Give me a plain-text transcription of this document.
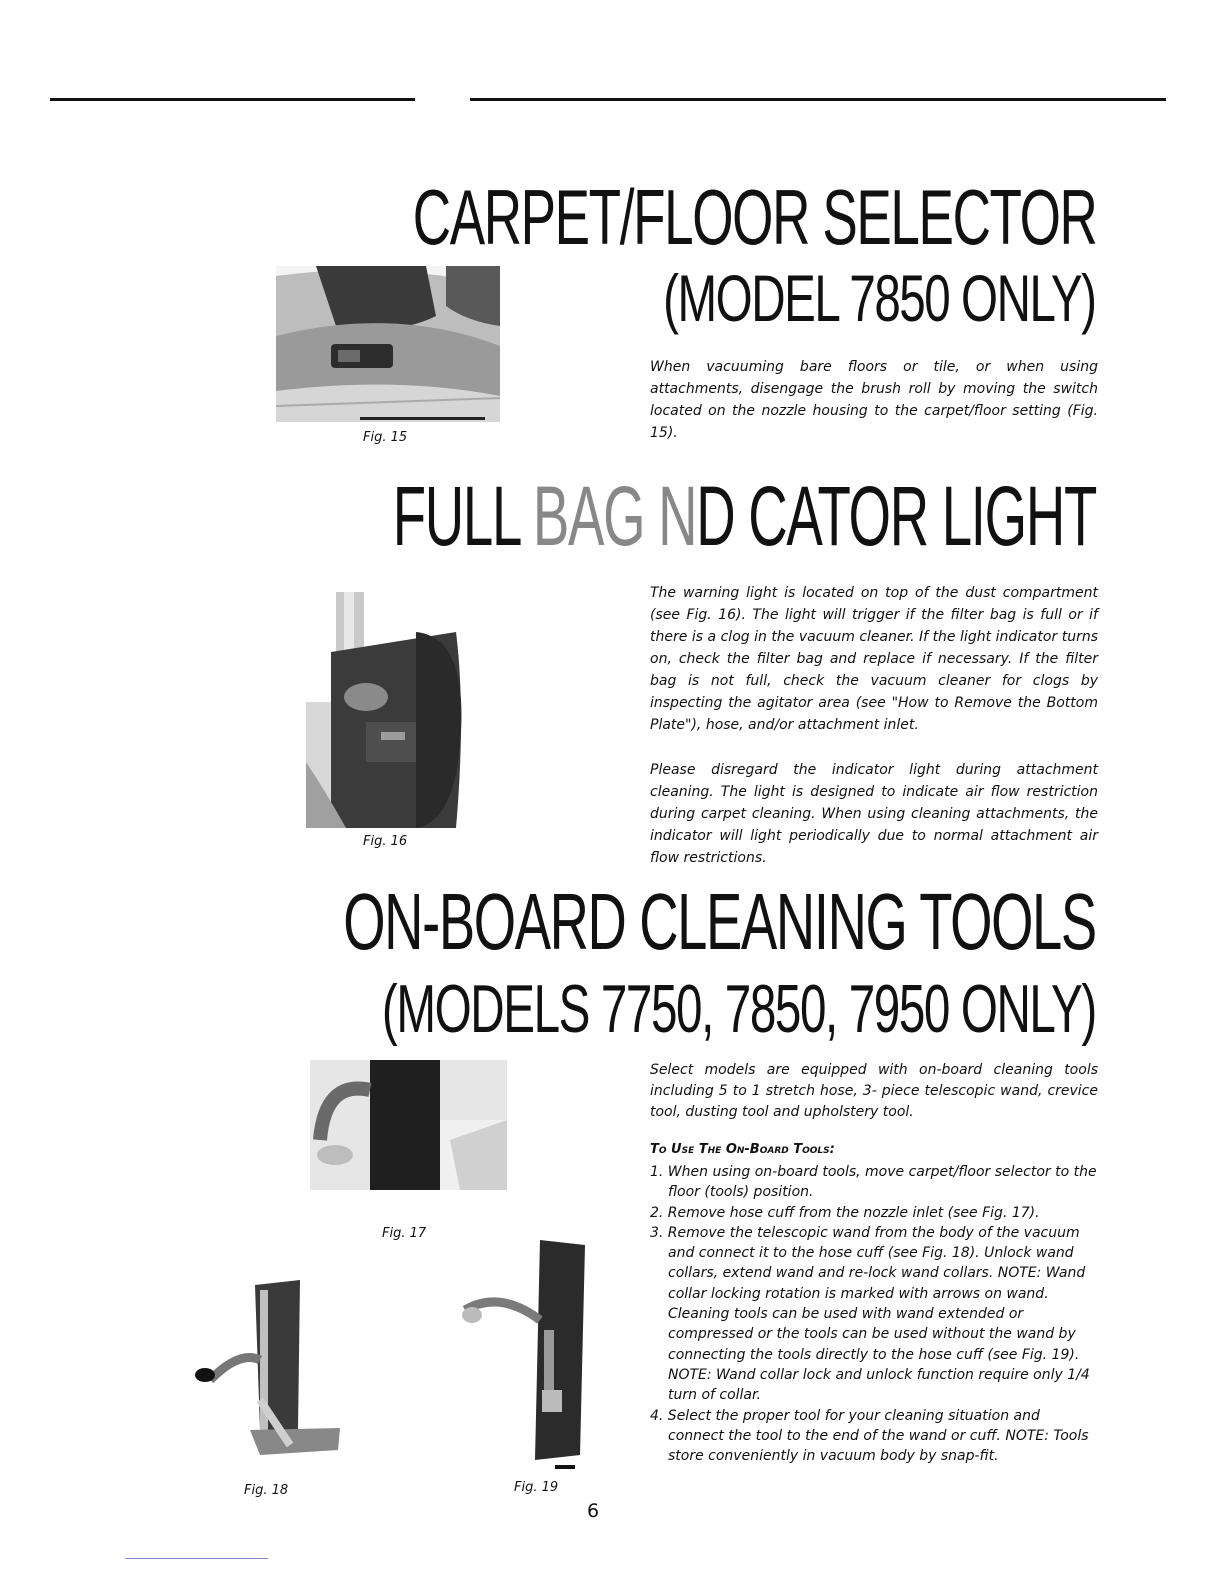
CARPET/FLOOR SELECTOR
(MODEL 7850 ONLY)

Fig. 15

When vacuuming bare floors or tile, or when using attachments, disengage the brush roll by moving the switch located on the nozzle housing to the carpet/floor setting (Fig. 15).

FULL BAG ND CATOR LIGHT

Fig. 16

The warning light is located on top of the dust compartment (see Fig. 16). The light will trigger if the filter bag is full or if there is a clog in the vacuum cleaner. If the light indicator turns on, check the filter bag and replace if necessary. If the filter bag is not full, check the vacuum cleaner for clogs by inspecting the agitator area (see "How to Remove the Bottom Plate"), hose, and/or attachment inlet.

Please disregard the indicator light during attachment cleaning. The light is designed to indicate air flow restriction during carpet cleaning. When using cleaning attachments, the indicator will light periodically due to normal attachment air flow restrictions.

ON-BOARD CLEANING TOOLS
(MODELS 7750, 7850, 7950 ONLY)

Fig. 17

Fig. 18	Fig. 19

Select models are equipped with on-board cleaning tools including 5 to 1 stretch hose, 3- piece telescopic wand, crevice tool, dusting tool and upholstery tool.

To Use The On-Board Tools:

1. When using on-board tools, move carpet/floor selector to the floor (tools) position.
2. Remove hose cuff from the nozzle inlet (see Fig. 17).
3. Remove the telescopic wand from the body of the vacuum and connect it to the hose cuff (see Fig. 18). Unlock wand collars, extend wand and re-lock wand collars. NOTE: Wand collar locking rotation is marked with arrows on wand. Cleaning tools can be used with wand extended or compressed or the tools can be used without the wand by connecting the tools directly to the hose cuff (see Fig. 19).
NOTE: Wand collar lock and unlock function require only 1/4 turn of collar.
4. Select the proper tool for your cleaning situation and connect the tool to the end of the wand or cuff. NOTE: Tools store conveniently in vacuum body by snap-fit.

6
